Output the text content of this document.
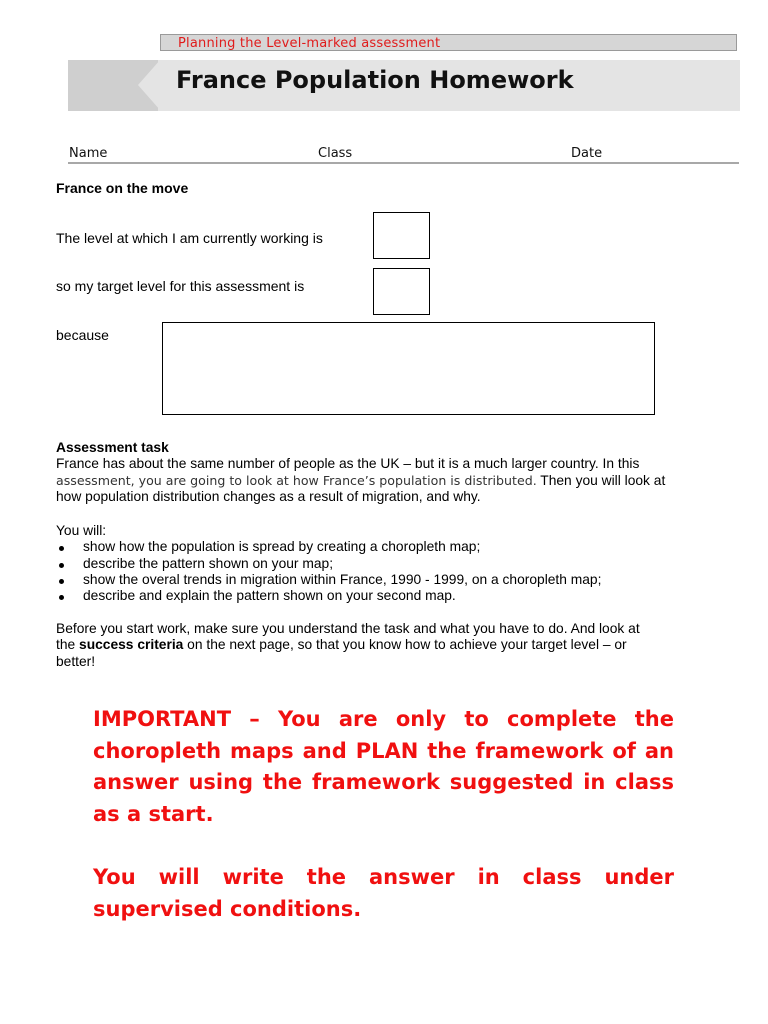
Planning the Level-marked assessment
France Population Homework
Name	Class	Date
France on the move
The level at which I am currently working is
so my target level for this assessment is
because
Assessment task
France has about the same number of people as the UK – but it is a much larger country. In this
assessment, you are going to look at how France’s population is distributed. Then you will look at
how population distribution changes as a result of migration, and why.
You will:
show how the population is spread by creating a choropleth map;
describe the pattern shown on your map;
show the overal trends in migration within France, 1990 - 1999, on a choropleth map;
describe and explain the pattern shown on your second map.
Before you start work, make sure you understand the task and what you have to do. And look at
the success criteria on the next page, so that you know how to achieve your target level – or
better!
IMPORTANT – You are only to complete the choropleth maps and PLAN the framework of an answer using the framework suggested in class as a start.
You will write the answer in class under supervised conditions.
